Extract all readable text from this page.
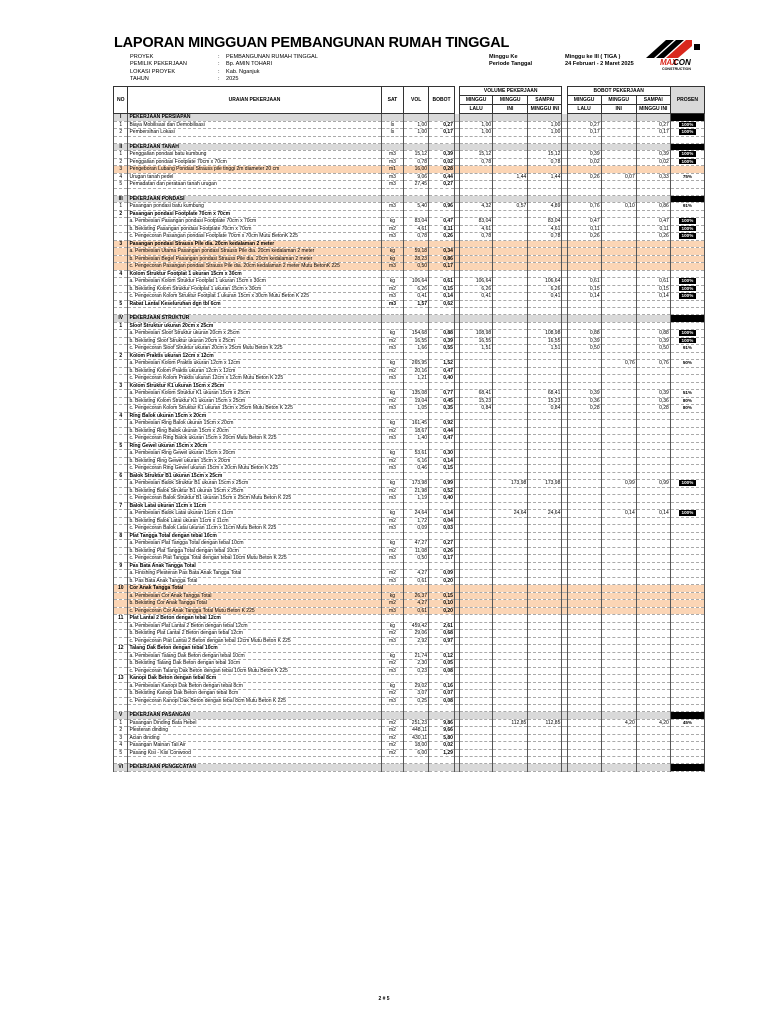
LAPORAN MINGGUAN PEMBANGUNAN RUMAH TINGGAL
PROYEK	:	PEMBANGUNAN RUMAH TINGGAL
PEMILIK PEKERJAAN	:	Bp. AMIN TOHARI
LOKASI PROYEK	:	Kab. Nganjuk
TAHUN	:	2025
Minggu Ke
Periode Tanggal
Minggu ke III ( TIGA )
24 Februari - 2 Maret 2025	MAX
CON
CONSTRUCTION
NO	URAIAN PEKERJAAN	SAT	VOL	BOBOT		VOLUME PEKERJAAN				BOBOT PEKERJAAN			PROSEN
						MINGGU	MINGGU	SAMPAI		MINGGU	MINGGU	SAMPAI	
						LALU	INI	MINGGU INI		LALU	INI	MINGGU INI	
I	PEKERJAAN PERSIAPAN												
1	Biaya Mobilisasi dan Demobilisasi	ls	1,00	0,27		1,00		1,00		0,27		0,27	100%
2	Pembersihan Lokasi	ls	1,00	0,17		1,00		1,00		0,17		0,17	100%

II	PEKERJAAN TANAH												
1	Penggalian pondasi batu kumbung	m3	15,12	0,39		15,12		15,12		0,39		0,39	100%
2	Penggalian pondasi Footplate 70cm x 70cm	m3	0,78	0,02		0,78		0,78		0,02		0,02	100%
3	Pengeboran Lubang Pondasi Strauss pile tinggi 2m diameter 20 cm	m1	16,00	0,28									
4	Urugan tanah pedel	m3	9,06	0,44			1,44	1,44		0,26	0,07	0,33	75%
5	Pemadatan dan perataan tanah urugan	m3	27,45	0,27									

III	PEKERJAAN PONDASI												
1	Pasangan pondasi batu kumbung	m3	5,40	0,96		4,32	0,57	4,89		0,76	0,10	0,86	91%
2	Pasangan pondasi Footplate 70cm x 70cm												
	a. Pembesian Pasangan pondasi Footplate 70cm x 70cm	kg	83,04	0,47		83,04		83,04		0,47		0,47	100%
	b. Bekisting Pasangan pondasi Footplate 70cm x 70cm	m2	4,61	0,11		4,61		4,61		0,11		0,11	100%
	c. Pengecoran Pasangan pondasi Footplate 70cm x 70cm Mutu BetonK 225	m3	0,78	0,26		0,78		0,78		0,26		0,26	100%
3	Pasangan pondasi Strauss Pile dia. 20cm kedalaman 2 meter												
	a. Pembesian Utama Pasangan pondasi Strauss Pile dia. 20cm kedalaman 2 meter	kg	59,18	0,34									
	b. Pembesian Begel Pasangan pondasi Strauss Pile dia. 20cm kedalaman 2 meter	kg	28,23	0,86									
	c. Pengecoran Pasangan pondasi Strauss Pile dia. 20cm kedalaman 2 meter Mutu BetonK 225	m3	0,50	0,17									
4	Kolom Struktur Footplat 1 ukuran 15cm x 30cm												
	a. Pembesian Kolom Struktur Footplat 1 ukuran 15cm x 30cm	kg	106,64	0,61		106,64		106,64		0,61		0,61	100%
	b. Bekisting Kolom Struktur Footplat 1 ukuran 15cm x 30cm	m2	6,26	0,15		6,26		6,26		0,15		0,15	100%
	c. Pengecoran Kolom Struktur Footplat 1 ukuran 15cm x 30cm Mutu Beton K 225	m3	0,41	0,14		0,41		0,41		0,14		0,14	100%
5	Rabat Lantai Keseluruhan dgn tbl 6cm	m3	1,57	0,62									

IV	PEKERJAAN STRUKTUR												
1	Sloof Struktur ukuran 20cm x 25cm												
	a. Pembesian Sloof Struktur ukuran 20cm x 25cm	kg	154,68	0,88		108,98		108,98		0,88		0,88	100%
	b. Bekisting Sloof Struktur ukuran 20cm x 25cm	m2	16,55	0,39		16,55		16,55		0,39		0,39	100%
	c. Pengecoran Sloof Struktur ukuran 20cm x 25cm Mutu Beton K 225	m3	1,66	0,55		1,51		1,51		0,50		0,50	91%
2	Kolom Praktis ukuran 12cm x 12cm												
	a. Pembesian Kolom Praktis ukuran 12cm x 12cm	kg	265,95	1,52							0,76	0,76	50%
	b. Bekisting Kolom Praktis ukuran 12cm x 12cm	m2	20,16	0,47									
	c. Pengecoran Kolom Praktis ukuran 12cm x 12cm Mutu Beton K 225	m3	1,21	0,40									
3	Kolom Struktur K1 ukuran 15cm x 25cm												
	a. Pembesian Kolom Struktur K1 ukuran 15cm x 25cm	kg	135,08	0,77		68,41		68,41		0,39		0,39	51%
	b. Bekisting Kolom Struktur K1 ukuran 15cm x 25cm	m2	19,04	0,45		15,23		15,23		0,36		0,36	80%
	c. Pengecoran Kolom Struktur K1 ukuran 15cm x 25cm Mutu Beton K 225	m3	1,05	0,35		0,84		0,84		0,28		0,28	80%
4	Ring Balok ukuran 15cm x 20cm												
	a. Pembesian Ring Balok ukuran 15cm x 20cm	kg	161,45	0,92									
	b. Bekisting Ring Balok ukuran 15cm x 20cm	m2	18,67	0,44									
	c. Pengecoran Ring Balok ukuran 15cm x 20cm Mutu Beton K 225	m3	1,40	0,47									
5	Ring Gewel ukuran 15cm x 20cm												
	a. Pembesian Ring Gewel ukuran 15cm x 20cm	kg	53,61	0,30									
	b. Bekisting Ring Gewel ukuran 15cm x 20cm	m2	6,16	0,14									
	c. Pengecoran Ring Gewel ukuran 15cm x 20cm Mutu Beton K 225	m3	0,46	0,15									
6	Balok Struktur B1 ukuran 15cm x 25cm												
	a. Pembesian Balok Struktur B1 ukuran 15cm x 25cm	kg	173,98	0,99			173,98	173,98			0,99	0,99	100%
	b. Bekisting Balok Struktur B1 ukuran 15cm x 25cm	m2	21,98	0,52									
	c. Pengecoran Balok Struktur B1 ukuran 15cm x 25cm Mutu Beton K 225	m3	1,19	0,40									
7	Balok Latai ukuran 11cm x 11cm												
	a. Pembesian Balok Latai ukuran 11cm x 11cm	kg	24,64	0,14			24,64	24,64			0,14	0,14	100%
	b. Bekisting Balok Latai ukuran 11cm x 11cm	m2	1,72	0,04									
	c. Pengecoran Balok Latai ukuran 11cm x 11cm Mutu Beton K 225	m3	0,09	0,03									
8	Plat Tangga Total dengan tebal 10cm												
	a. Pembesian Plat Tangga Total dengan tebal 10cm	kg	47,27	0,27									
	b. Bekisting Plat Tangga Total dengan tebal 10cm	m2	11,08	0,26									
	c. Pengecoran Plat Tangga Total dengan tebal 10cm Mutu Beton K 225	m3	0,50	0,17									
9	Pas Bata Anak Tangga Total												
	a. Finishing Plesteran Pas Bata Anak Tangga Total	m2	4,27	0,09									
	b. Pas Bata Anak Tangga Total	m3	0,61	0,20									
10	Cor Anak Tangga Total												
	a. Pembesian Cor Anak Tangga Total	kg	26,37	0,15									
	b. Bekisting Cor Anak Tangga Total	m2	4,27	0,10									
	c. Pengecoran Cor Anak Tangga Total Mutu Beton K 225	m3	0,61	0,20									
11	Plat Lantai 2 Beton dengan tebal 12cm												
	a. Pembesian Plat Lantai 2 Beton dengan tebal 12cm	kg	459,42	2,61									
	b. Bekisting Plat Lantai 2 Beton dengan tebal 12cm	m2	29,06	0,68									
	c. Pengecoran Plat Lantai 2 Beton dengan tebal 12cm Mutu Beton K 225	m3	2,92	0,97									
12	Talang Dak Beton dengan tebal 10cm												
	a. Pembesian Talang Dak Beton dengan tebal 10cm	kg	21,74	0,12									
	b. Bekisting Talang Dak Beton dengan tebal 10cm	m2	2,30	0,05									
	c. Pengecoran Talang Dak Beton dengan tebal 10cm Mutu Beton K 225	m3	0,23	0,08									
13	Kanopi Dak Beton dengan tebal 8cm												
	a. Pembesian Kanopi Dak Beton dengan tebal 8cm	kg	29,02	0,16									
	b. Bekisting Kanopi Dak Beton dengan tebal 8cm	m2	3,07	0,07									
	c. Pengecoran Kanopi Dak Beton dengan tebal 8cm Mutu Beton K 225	m3	0,25	0,08									

V	PEKERJAAN PASANGAN												
1	Pasangan Dinding Bata Hebel	m2	251,23	9,86			112,85	112,85			4,20	4,20	45%
2	Plesteran dinding	m2	448,11	9,66									
3	Acian dinding	m2	430,11	5,80									
4	Pasangan Mainan Tali Air	m2	18,00	0,02									
5	Pasang Kisi - Kisi Conwood	m2	6,00	1,29									

VI	PEKERJAAN PENGECATAN												
2 # 5
